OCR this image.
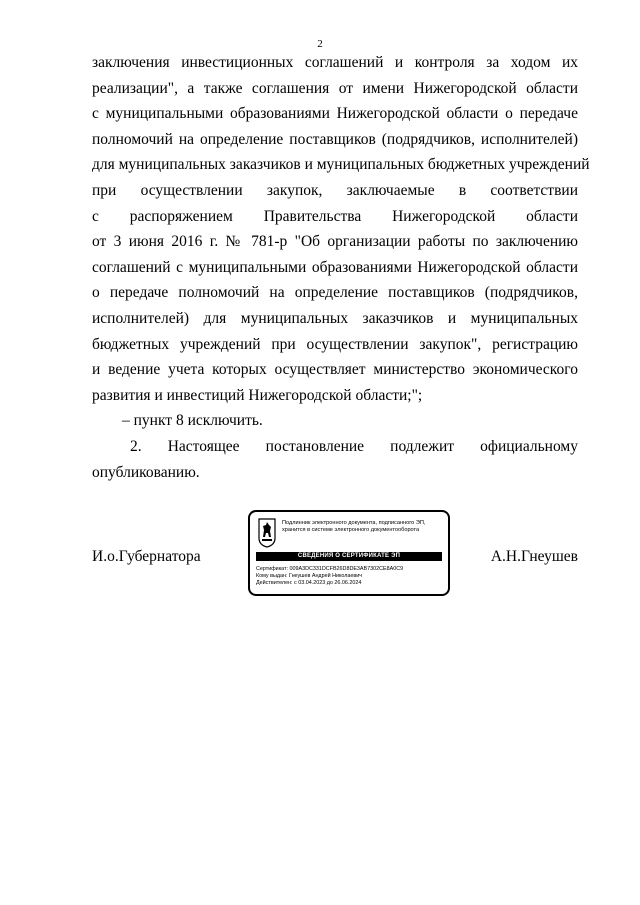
2
заключения инвестиционных соглашений и контроля за ходом их
реализации", а также соглашения от имени Нижегородской области
с муниципальными образованиями Нижегородской области о передаче
полномочий на определение поставщиков (подрядчиков, исполнителей)
для муниципальных заказчиков и муниципальных бюджетных учреждений
при осуществлении закупок, заключаемые в соответствии
с распоряжением Правительства Нижегородской области
от 3 июня 2016 г. № 781-р "Об организации работы по заключению
соглашений с муниципальными образованиями Нижегородской области
о передаче полномочий на определение поставщиков (подрядчиков,
исполнителей) для муниципальных заказчиков и муниципальных
бюджетных учреждений при осуществлении закупок", регистрацию
и ведение учета которых осуществляет министерство экономического
развития и инвестиций Нижегородской области;";
– пункт 8 исключить.
2. Настоящее постановление подлежит официальному
опубликованию.
И.о.Губернатора	А.Н.Гнеушев
Подлинник электронного документа, подписанного ЭП,
хранится в системе электронного документооборота
СВЕДЕНИЯ О СЕРТИФИКАТЕ ЭП
Сертификат: 009A3DC331DCFB26D8DE3AB7302CE8A0C9
Кому выдан: Гнеушев Андрей Николаевич
Действителен: с 03.04.2023 до 26.06.2024
